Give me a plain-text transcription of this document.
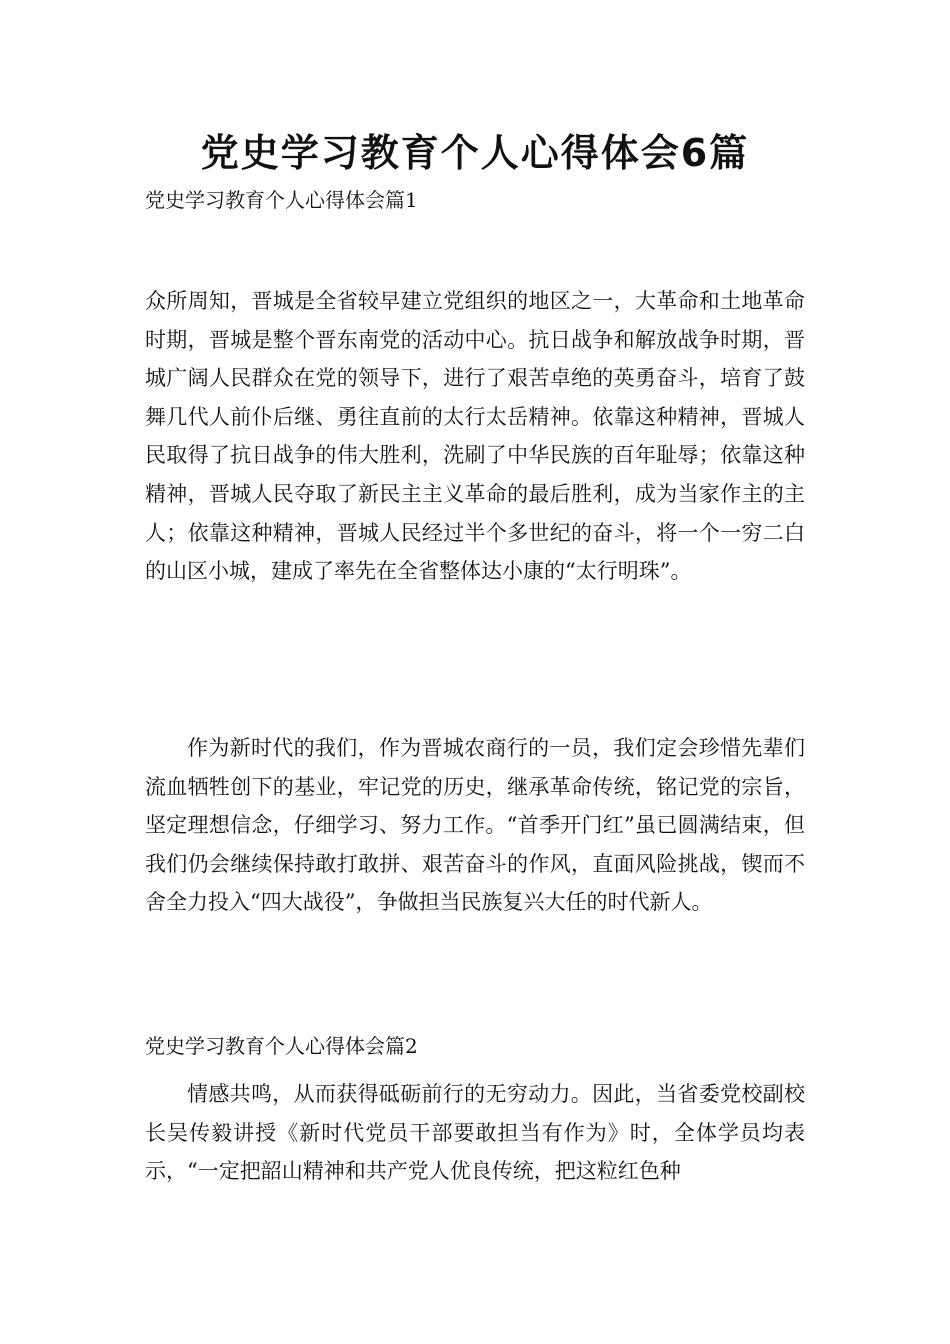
党史学习教育个人心得体会6篇

党史学习教育个人心得体会篇1

众所周知，晋城是全省较早建立党组织的地区之一，大革命和土地革命时期，晋城是整个晋东南党的活动中心。抗日战争和解放战争时期，晋城广阔人民群众在党的领导下，进行了艰苦卓绝的英勇奋斗，培育了鼓舞几代人前仆后继、勇往直前的太行太岳精神。依靠这种精神，晋城人民取得了抗日战争的伟大胜利，洗刷了中华民族的百年耻辱；依靠这种精神，晋城人民夺取了新民主主义革命的最后胜利，成为当家作主的主人；依靠这种精神，晋城人民经过半个多世纪的奋斗，将一个一穷二白的山区小城，建成了率先在全省整体达小康的“太行明珠”。

作为新时代的我们，作为晋城农商行的一员，我们定会珍惜先辈们流血牺牲创下的基业，牢记党的历史，继承革命传统，铭记党的宗旨，坚定理想信念，仔细学习、努力工作。“首季开门红”虽已圆满结束，但我们仍会继续保持敢打敢拼、艰苦奋斗的作风，直面风险挑战，锲而不舍全力投入“四大战役”，争做担当民族复兴大任的时代新人。

党史学习教育个人心得体会篇2

情感共鸣，从而获得砥砺前行的无穷动力。因此，当省委党校副校长吴传毅讲授《新时代党员干部要敢担当有作为》时，全体学员均表示，“一定把韶山精神和共产党人优良传统，把这粒红色种
